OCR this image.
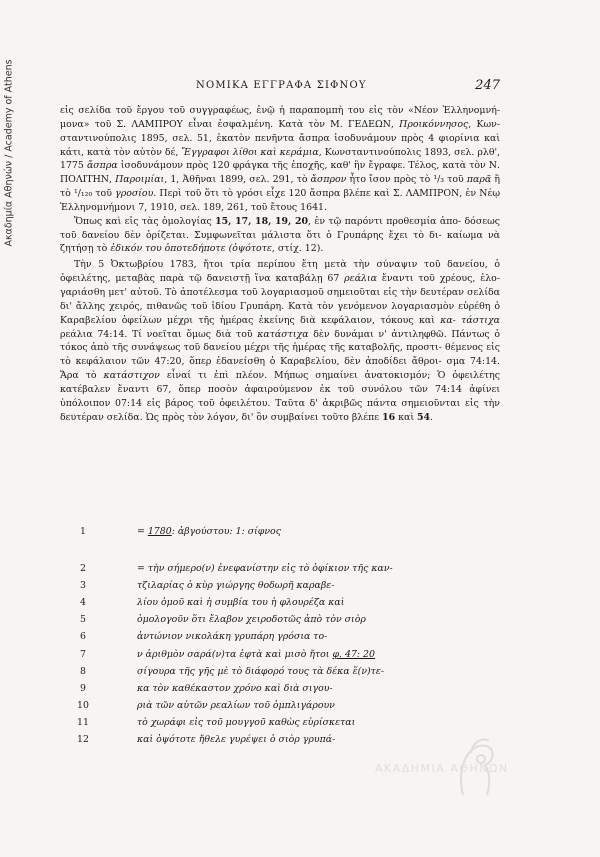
Ακαδημία Αθηνών / Academy of Athens	ΝΟΜΙΚΑ ΕΓΓΡΑΦΑ ΣΙΦΝΟΥ	247

εἰς σελίδα τοῦ ἔργου τοῦ συγγραφέως, ἐνῷ ἡ παραπομπὴ του εἰς τὸν «Νέον Ἑλληνομνή- μονα» τοῦ Σ. ΛΑΜΠΡΟΥ εἶναι ἐσφαλμένη. Κατὰ τὸν Μ. ΓΕΔΕΩΝ, Προικόννησος, Κων- σταντινούπολις 1895, σελ. 51, ἑκατὸν πενῆντα ἄσπρα ἰσοδυνάμουν πρὸς 4 φιορίνια καὶ κάτι, κατὰ τὸν αὐτὸν δέ, Ἔγγραφοι λίθοι καὶ κεράμια, Κωνσταντινούπολις 1893, σελ. ρλθ', 1775 ἄσπρα ἰσοδυνάμουν πρὸς 120 φράγκα τῆς ἐποχῆς, καθ' ἣν ἔγραφε. Τέλος, κατὰ τὸν Ν. ΠΟΛΙΤΗΝ, Παροιμίαι, 1, Ἀθῆναι 1899, σελ. 291, τὸ ἄσπρον ἦτο ἴσον πρὸς τὸ ¹/₃ τοῦ παρᾶ ἢ τὸ ¹/₁₂₀ τοῦ γροσίου. Περὶ τοῦ ὅτι τὸ γρόσι εἶχε 120 ἄσπρα βλέπε καὶ Σ. ΛΑΜΠΡΟΝ, ἐν Νέῳ Ἑλληνομνήμονι 7, 1910, σελ. 189, 261, τοῦ ἔτους 1641.

Ὅπως καὶ εἰς τὰς ὁμολογίας 15, 17, 18, 19, 20, ἐν τῷ παρόντι προθεσμία ἀπο- δόσεως τοῦ δανείου δὲν ὁρίζεται. Συμφωνεῖται μάλιστα ὅτι ὁ Γρυπάρης ἔχει τὸ δι- καίωμα νὰ ζητήσῃ τὸ ἐδικόν του ὁποτεδήποτε (ὀψότοτε, στίχ. 12).

Τὴν 5 Ὀκτωβρίου 1783, ἤτοι τρία περίπου ἔτη μετὰ τὴν σύναψιν τοῦ δανείου, ὁ ὀφειλέτης, μεταβὰς παρὰ τῷ δανειστῇ ἵνα καταβάλῃ 67 ρεάλια ἔναντι τοῦ χρέους, ἐλο- γαριάσθη μετ' αὐτοῦ. Τὸ ἀποτέλεσμα τοῦ λογαριασμοῦ σημειοῦται εἰς τὴν δευτέραν σελίδα δι' ἄλλης χειρός, πιθανῶς τοῦ ἰδίου Γρυπάρη. Κατὰ τὸν γενόμενον λογαριασμὸν εὑρέθη ὁ Καραβελίου ὀφείλων μέχρι τῆς ἡμέρας ἐκείνης διὰ κεφάλαιον, τόκους καὶ κα- τάστιχα ρεάλια 74:14. Τί νοεῖται ὅμως διὰ τοῦ κατάστιχα δὲν δυνάμαι ν' ἀντιληφθῶ. Πάντως ὁ τόκος ἀπὸ τῆς συνάψεως τοῦ δανείου μέχρι τῆς ἡμέρας τῆς καταβολῆς, προστι- θέμενος εἰς τὸ κεφάλαιον τῶν 47:20, ὅπερ ἐδανείσθη ὁ Καραβελίου, δὲν ἀποδίδει ἄθροι- σμα 74:14. Ἄρα τὸ κατάστιχον εἶναί τι ἐπὶ πλέον. Μήπως σημαίνει ἀνατοκισμόν; Ὁ ὀφειλέτης κατέβαλεν ἔναντι 67, ὅπερ ποσὸν ἀφαιρούμενον ἐκ τοῦ συνόλου τῶν 74:14 ἀφίνει ὑπόλοιπον 07:14 εἰς βάρος τοῦ ὀφειλέτου. Ταῦτα δ' ἀκριβῶς πάντα σημειοῦνται εἰς τὴν δευτέραν σελίδα. Ὡς πρὸς τὸν λόγον, δι' ὃν συμβαίνει τοῦτο βλέπε 16 καὶ 54.

1	= 1780: ἀβγούστου: 1: σίφνος
2	= τὴν σήμερο(ν) ἐνεφανίστην εἰς τὸ ὀφίκιον τῆς καν-
3	τζιλαρίας ὁ κὺρ γιώργης θοδωρῆ καραβε-
4	λίου ὁμοῦ καὶ ἡ συμβία του ἡ φλουρέζα καὶ
5	ὁμολογοῦν ὅτι ἔλαβον χειροδοτῶς ἀπὸ τὸν σιὸρ
6	ἀντώνιον νικολάκη γρυπάρη γρόσια το-
7	ν ἀριθμὸν σαρά(ν)τα ἑφτὰ καὶ μισὸ ἤτοι φ. 47: 20
8	σίγουρα τῆς γῆς μὲ τὸ διάφορό τους τὰ δέκα ἕ(ν)τε-
9	κα τὸν καθέκαστον χρόνο καὶ διὰ σιγου-
10	ριὰ τῶν αὐτῶν ρεαλίων τοῦ ὀμπλιγάρουν
11	τὸ χωράφι εἰς τοῦ μουγγοῦ καθὼς εὑρίσκεται
12	καὶ ὀψότοτε ἤθελε γυρέψει ὁ σιὸρ γρυπά-
ΑΚΑΔΗΜΙΑ ΑΘΗΝΩΝ
